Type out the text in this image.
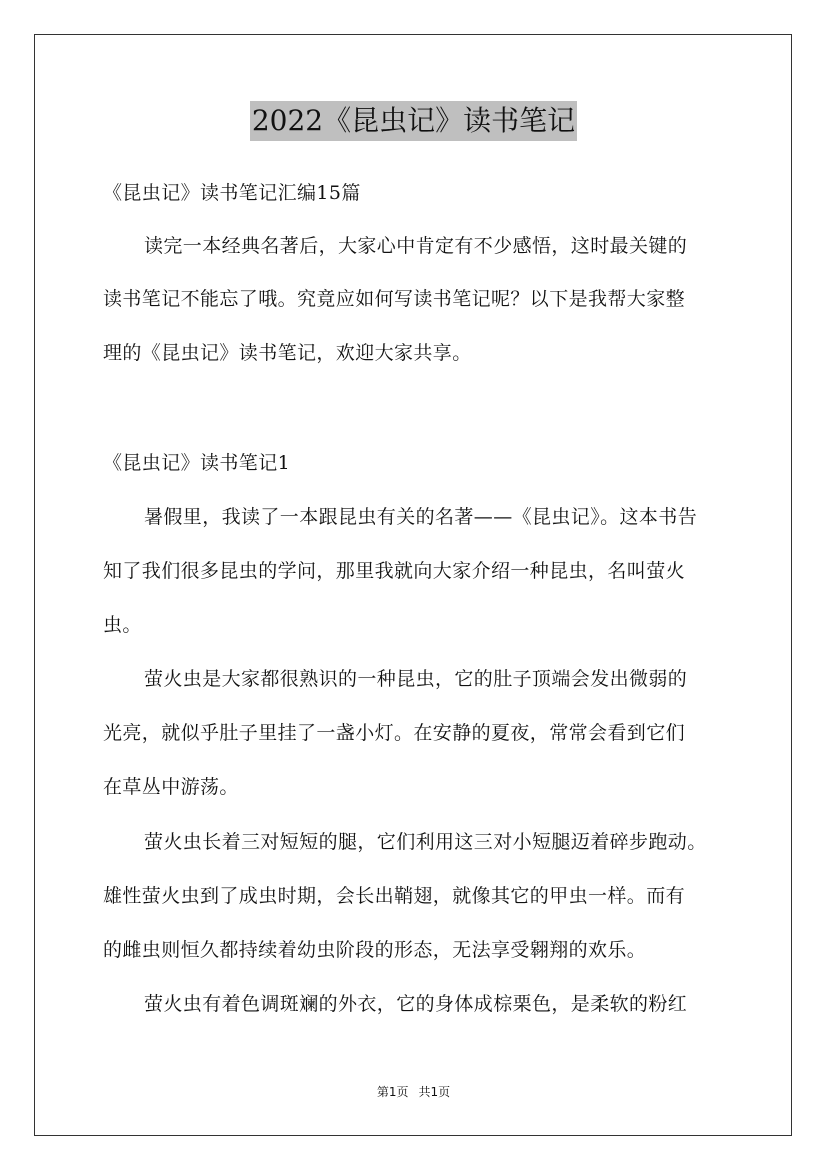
2022《昆虫记》读书笔记
《昆虫记》读书笔记汇编15篇
读完一本经典名著后，大家心中肯定有不少感悟，这时最关键的
读书笔记不能忘了哦。究竟应如何写读书笔记呢？以下是我帮大家整
理的《昆虫记》读书笔记，欢迎大家共享。
《昆虫记》读书笔记1
暑假里，我读了一本跟昆虫有关的名著——《昆虫记》。这本书告
知了我们很多昆虫的学问，那里我就向大家介绍一种昆虫，名叫萤火
虫。
萤火虫是大家都很熟识的一种昆虫，它的肚子顶端会发出微弱的
光亮，就似乎肚子里挂了一盏小灯。在安静的夏夜，常常会看到它们
在草丛中游荡。
萤火虫长着三对短短的腿，它们利用这三对小短腿迈着碎步跑动。
雄性萤火虫到了成虫时期，会长出鞘翅，就像其它的甲虫一样。而有
的雌虫则恒久都持续着幼虫阶段的形态，无法享受翱翔的欢乐。
萤火虫有着色调斑斓的外衣，它的身体成棕栗色，是柔软的粉红
第1页 共1页
